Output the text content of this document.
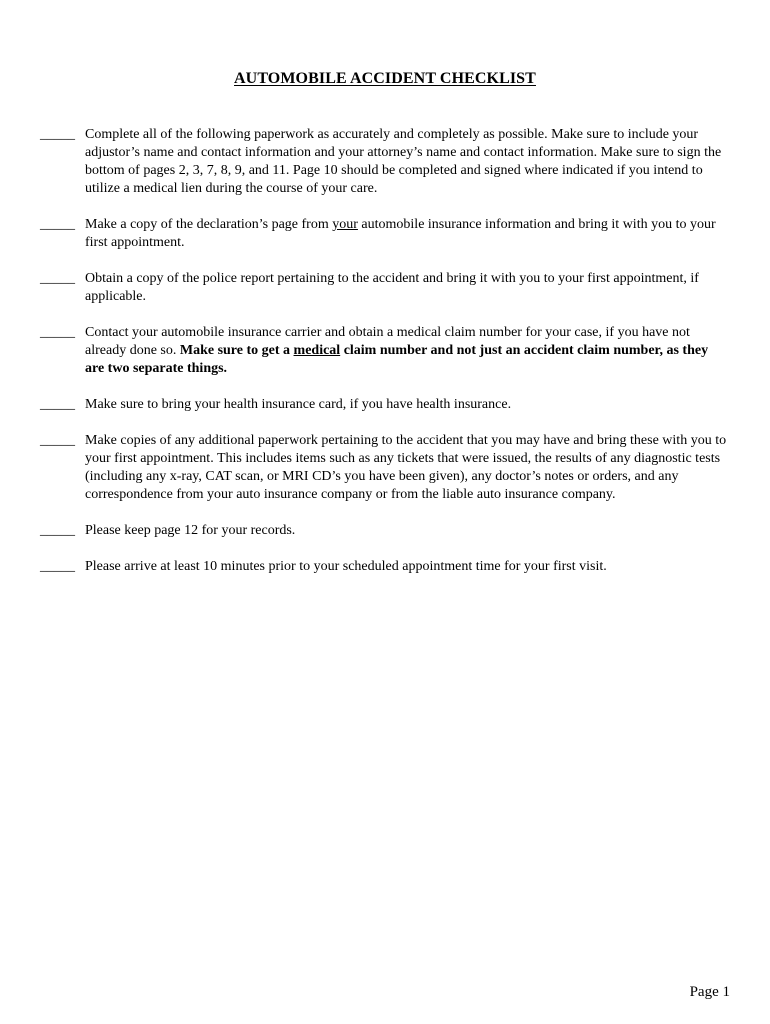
AUTOMOBILE ACCIDENT CHECKLIST
_____ Complete all of the following paperwork as accurately and completely as possible. Make sure to include your adjustor’s name and contact information and your attorney’s name and contact information. Make sure to sign the bottom of pages 2, 3, 7, 8, 9, and 11. Page 10 should be completed and signed where indicated if you intend to utilize a medical lien during the course of your care.
_____ Make a copy of the declaration’s page from your automobile insurance information and bring it with you to your first appointment.
_____ Obtain a copy of the police report pertaining to the accident and bring it with you to your first appointment, if applicable.
_____ Contact your automobile insurance carrier and obtain a medical claim number for your case, if you have not already done so. Make sure to get a medical claim number and not just an accident claim number, as they are two separate things.
_____ Make sure to bring your health insurance card, if you have health insurance.
_____ Make copies of any additional paperwork pertaining to the accident that you may have and bring these with you to your first appointment. This includes items such as any tickets that were issued, the results of any diagnostic tests (including any x-ray, CAT scan, or MRI CD’s you have been given), any doctor’s notes or orders, and any correspondence from your auto insurance company or from the liable auto insurance company.
_____ Please keep page 12 for your records.
_____ Please arrive at least 10 minutes prior to your scheduled appointment time for your first visit.
Page 1
